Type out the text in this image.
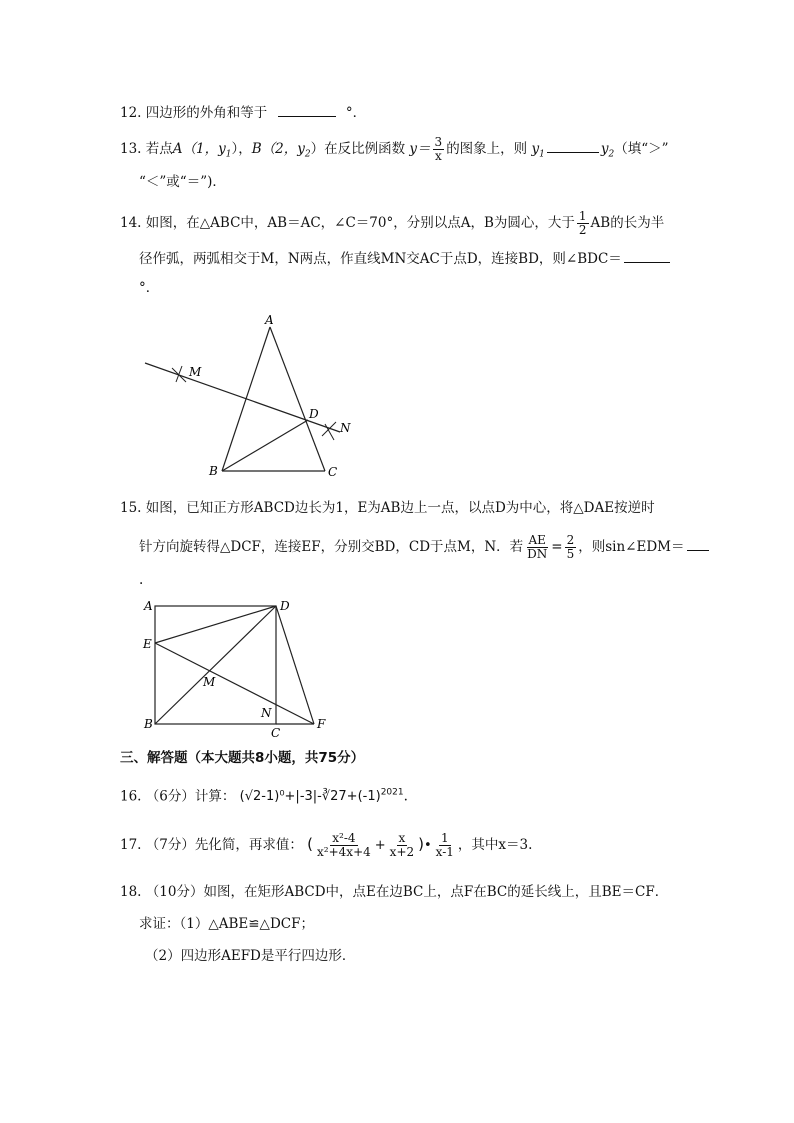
12. 四边形的外角和等于	°．
13. 若点A（1，$y_1$），B（2，$y_2$）在反比例函数 $y= \frac{3}{x}$ 的图象上，则 $y_1$	$y_2$（填“＞”
“＜”或“＝”)．
14. 如图，在△ABC中，AB＝AC，∠C＝70°，分别以点A，B为圆心，大于 $\frac{1}{2}$ AB的长为半
径作弧，两弧相交于M，N两点，作直线MN交AC于点D，连接BD，则∠BDC＝
°．
A
M
D
N
B	C
15. 如图，已知正方形ABCD边长为1，E为AB边上一点，以点D为中心，将△DAE按逆时
针方向旋转得△DCF，连接EF，分别交BD，CD于点M，N．若 $\frac{AE}{DN} = \frac{2}{5}$ ，则sin∠EDM＝
.
A	D
E
M
B
N
C
F
三、解答题（本大题共8小题，共75分）
16. （6分）计算： $(√2-1)^0+|-3|-∛27+(-1)^{2021}$.
17. （7分）先化简，再求值： ( $\frac{\text{x²-4}}{\text{x²+4x+4}} + \frac{x}{x+2}$ )• $\frac{1}{x-1}$ ，其中x＝3.
18. （10分）如图，在矩形ABCD中，点E在边BC上，点F在BC的延长线上，且BE＝CF．
求证：（1）△ABE≌△DCF；
（2）四边形AEFD是平行四边形．
